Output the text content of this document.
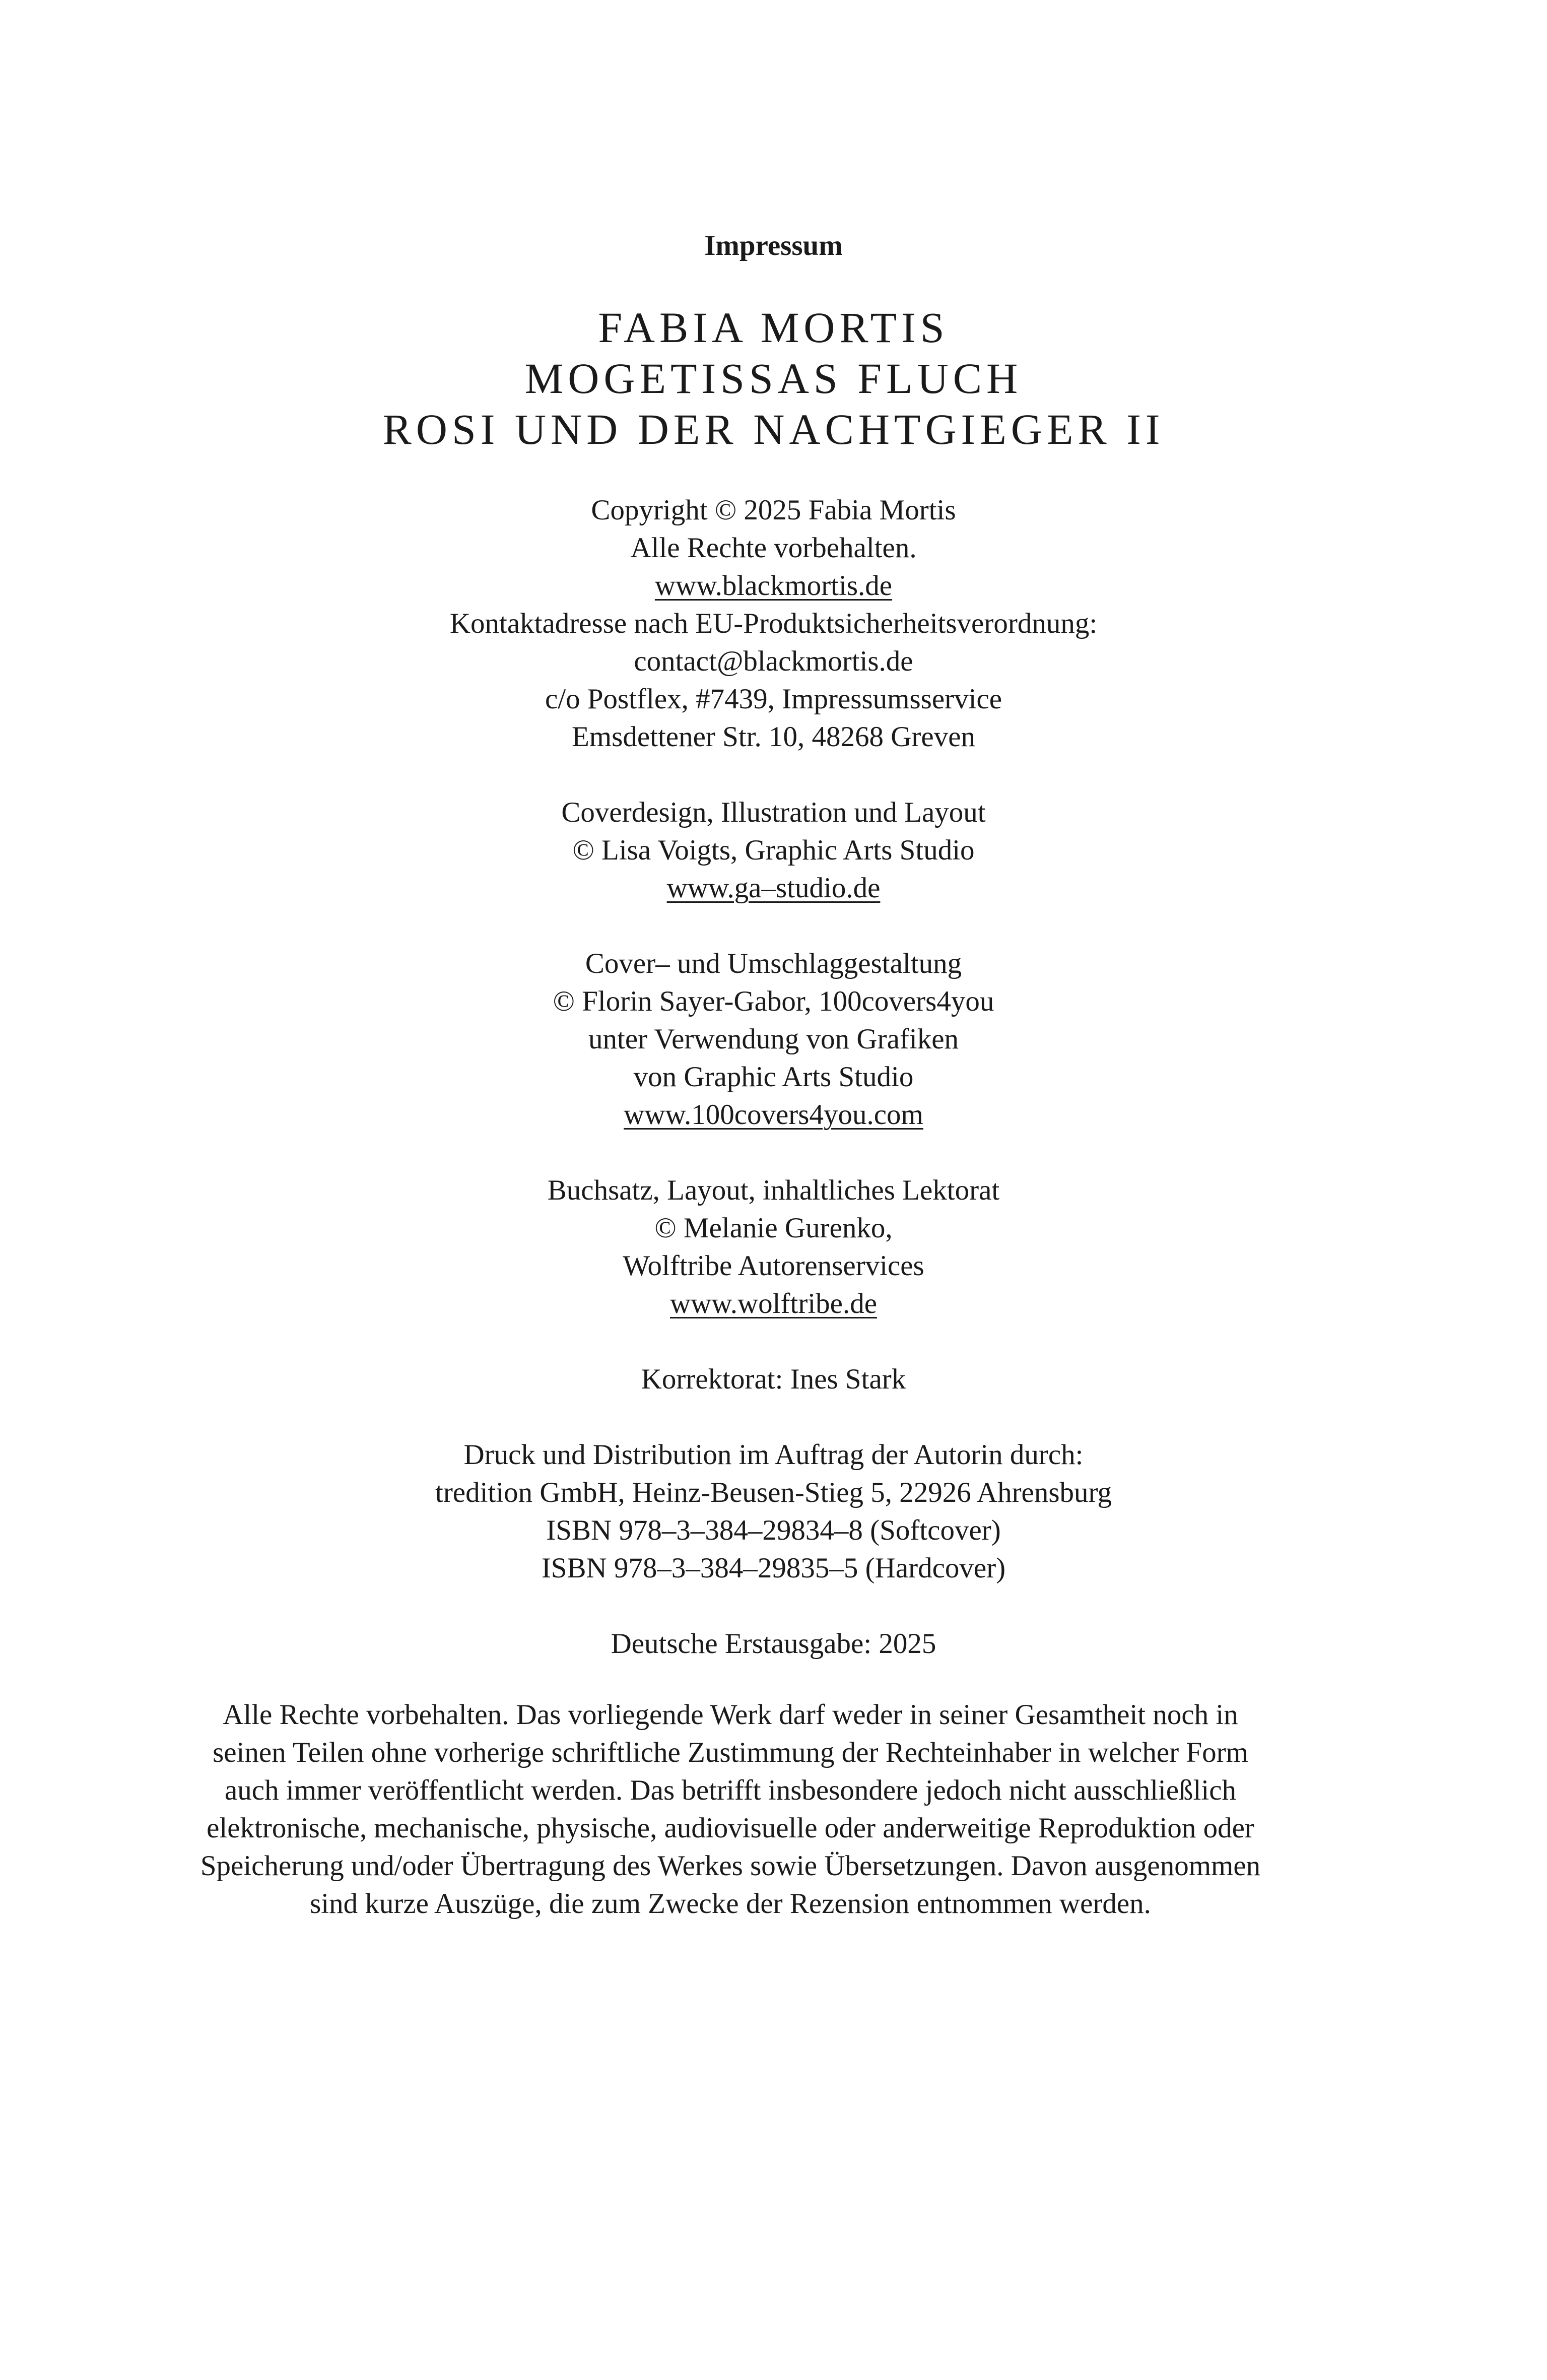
Impressum
FABIA MORTIS
MOGETISSAS FLUCH
ROSI UND DER NACHTGIEGER II
Copyright © 2025 Fabia Mortis
Alle Rechte vorbehalten.
www.blackmortis.de
Kontaktadresse nach EU-Produktsicherheitsverordnung:
contact@blackmortis.de
c/o Postflex, #7439, Impressumsservice
Emsdettener Str. 10, 48268 Greven
Coverdesign, Illustration und Layout
© Lisa Voigts, Graphic Arts Studio
www.ga–studio.de
Cover– und Umschlaggestaltung
© Florin Sayer-Gabor, 100covers4you
unter Verwendung von Grafiken
von Graphic Arts Studio
www.100covers4you.com
Buchsatz, Layout, inhaltliches Lektorat
© Melanie Gurenko,
Wolftribe Autorenservices
www.wolftribe.de
Korrektorat: Ines Stark
Druck und Distribution im Auftrag der Autorin durch:
tredition GmbH, Heinz-Beusen-Stieg 5, 22926 Ahrensburg
ISBN 978–3–384–29834–8 (Softcover)
ISBN 978–3–384–29835–5 (Hardcover)
Deutsche Erstausgabe: 2025
Alle Rechte vorbehalten. Das vorliegende Werk darf weder in seiner Gesamtheit noch in seinen Teilen ohne vorherige schriftliche Zustimmung der Rechteinhaber in welcher Form auch immer veröffentlicht werden. Das betrifft insbesondere jedoch nicht ausschließlich elektronische, mechanische, physische, audiovisuelle oder anderweitige Reproduktion oder Speicherung und/oder Übertragung des Werkes sowie Übersetzungen. Davon ausgenommen sind kurze Auszüge, die zum Zwecke der Rezension entnommen werden.
